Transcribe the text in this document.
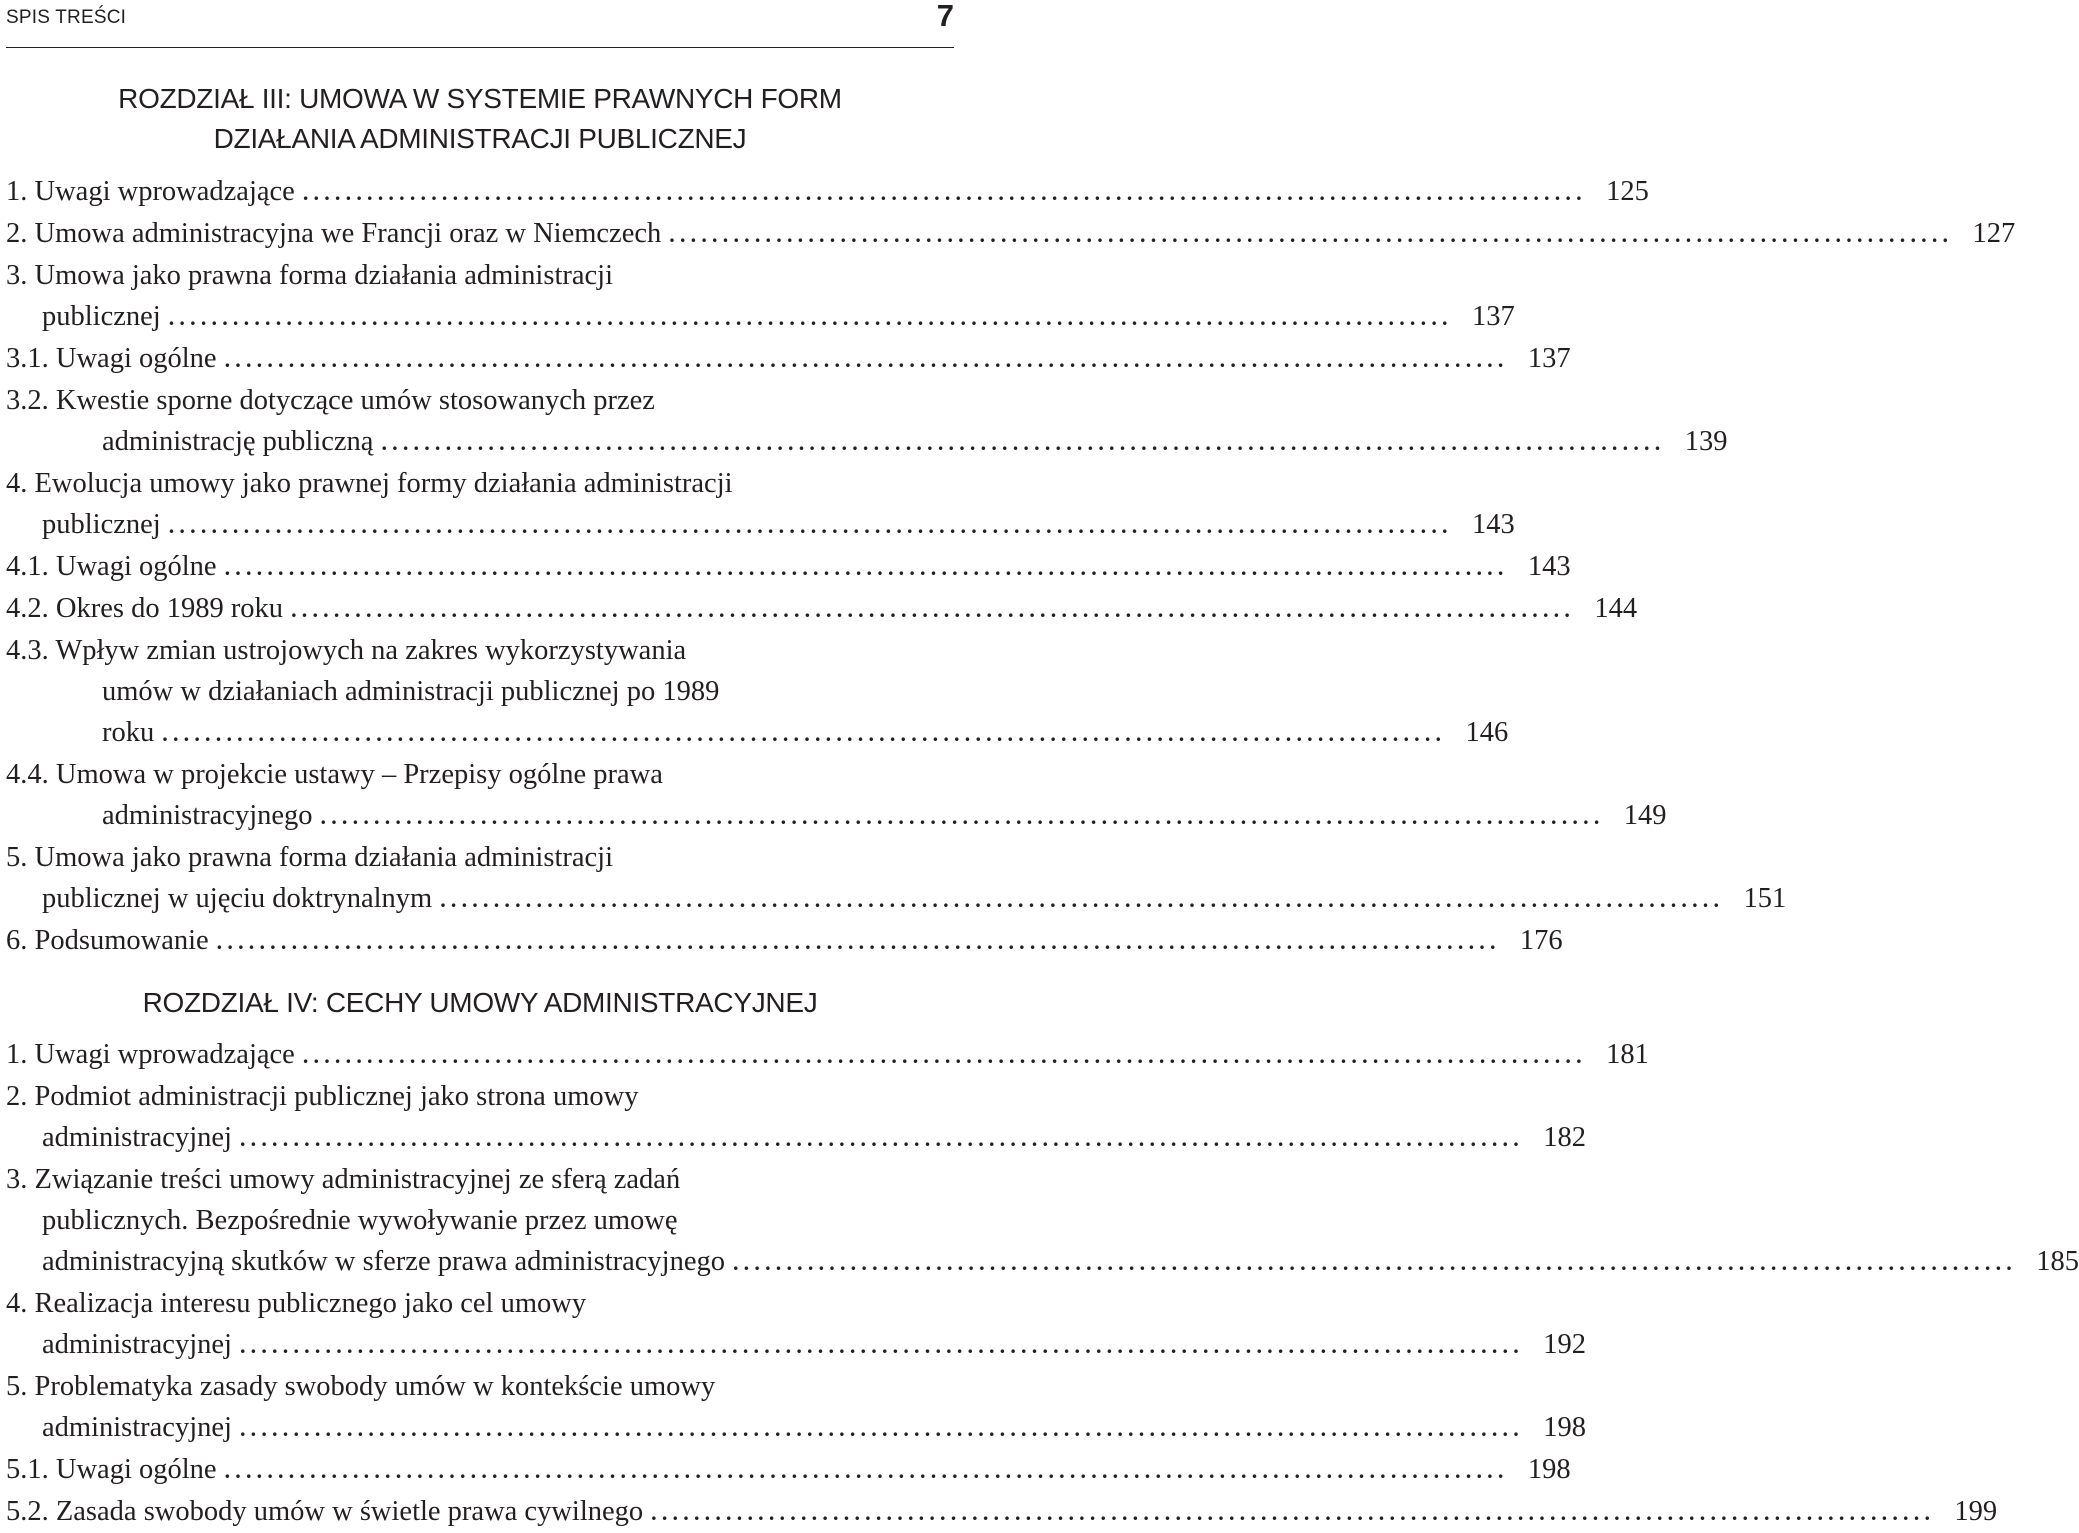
SPIS TREŚCI	7
ROZDZIAŁ III: UMOWA W SYSTEMIE PRAWNYCH FORM
DZIAŁANIA ADMINISTRACJI PUBLICZNEJ
1. Uwagi wprowadzające ........................................................................................................................ 125
2. Umowa administracyjna we Francji oraz w Niemczech ........................................................................................................................ 127
3. Umowa jako prawna forma działania administracji
publicznej ........................................................................................................................ 137
3.1. Uwagi ogólne ........................................................................................................................ 137
3.2. Kwestie sporne dotyczące umów stosowanych przez
administrację publiczną ........................................................................................................................ 139
4. Ewolucja umowy jako prawnej formy działania administracji
publicznej ........................................................................................................................ 143
4.1. Uwagi ogólne ........................................................................................................................ 143
4.2. Okres do 1989 roku ........................................................................................................................ 144
4.3. Wpływ zmian ustrojowych na zakres wykorzystywania
umów w działaniach administracji publicznej po 1989
roku ........................................................................................................................ 146
4.4. Umowa w projekcie ustawy – Przepisy ogólne prawa
administracyjnego ........................................................................................................................ 149
5. Umowa jako prawna forma działania administracji
publicznej w ujęciu doktrynalnym ........................................................................................................................ 151
6. Podsumowanie ........................................................................................................................ 176
ROZDZIAŁ IV: CECHY UMOWY ADMINISTRACYJNEJ
1. Uwagi wprowadzające ........................................................................................................................ 181
2. Podmiot administracji publicznej jako strona umowy
administracyjnej ........................................................................................................................ 182
3. Związanie treści umowy administracyjnej ze sferą zadań
publicznych. Bezpośrednie wywoływanie przez umowę
administracyjną skutków w sferze prawa administracyjnego ........................................................................................................................ 185
4. Realizacja interesu publicznego jako cel umowy
administracyjnej ........................................................................................................................ 192
5. Problematyka zasady swobody umów w kontekście umowy
administracyjnej ........................................................................................................................ 198
5.1. Uwagi ogólne ........................................................................................................................ 198
5.2. Zasada swobody umów w świetle prawa cywilnego ........................................................................................................................ 199
